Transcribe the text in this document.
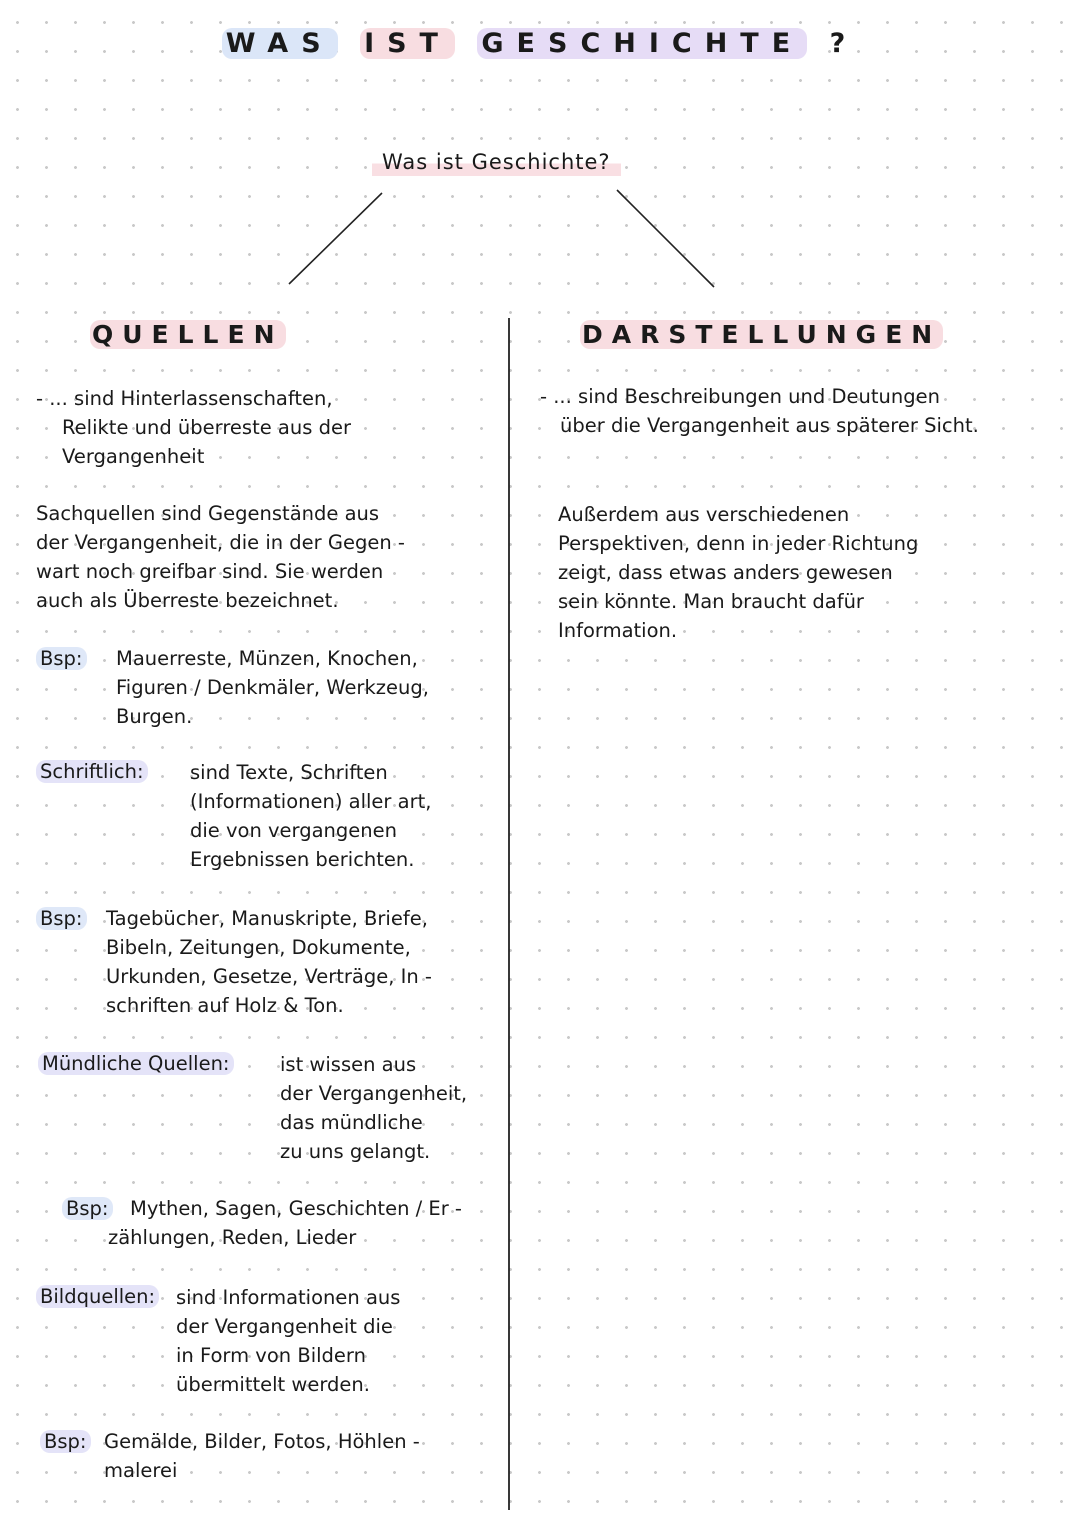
WAS IST GESCHICHTE ?
Was ist Geschichte?
QUELLEN	DARSTELLUNGEN
- ... sind Hinterlassenschaften,
Relikte und überreste aus der
Vergangenheit
Sachquellen sind Gegenstände aus
der Vergangenheit, die in der Gegen -
wart noch greifbar sind. Sie werden
auch als Überreste bezeichnet.
Bsp: Mauerreste, Münzen, Knochen,
Figuren / Denkmäler, Werkzeug,
Burgen.
Schriftlich: sind Texte, Schriften
(Informationen) aller art,
die von vergangenen
Ergebnissen berichten.
Bsp: Tagebücher, Manuskripte, Briefe,
Bibeln, Zeitungen, Dokumente,
Urkunden, Gesetze, Verträge, In -
schriften auf Holz & Ton.
Mündliche Quellen:	ist wissen aus
der Vergangenheit,
das mündliche
zu uns gelangt.
Bsp:	Mythen, Sagen, Geschichten / Er -
zählungen, Reden, Lieder
Bildquellen: sind Informationen aus
der Vergangenheit die
in Form von Bildern
übermittelt werden.
Bsp: Gemälde, Bilder, Fotos, Höhlen -
malerei
- ... sind Beschreibungen und Deutungen
über die Vergangenheit aus späterer Sicht.
Außerdem aus verschiedenen
Perspektiven, denn in jeder Richtung
zeigt, dass etwas anders gewesen
sein könnte. Man braucht dafür
Information.
